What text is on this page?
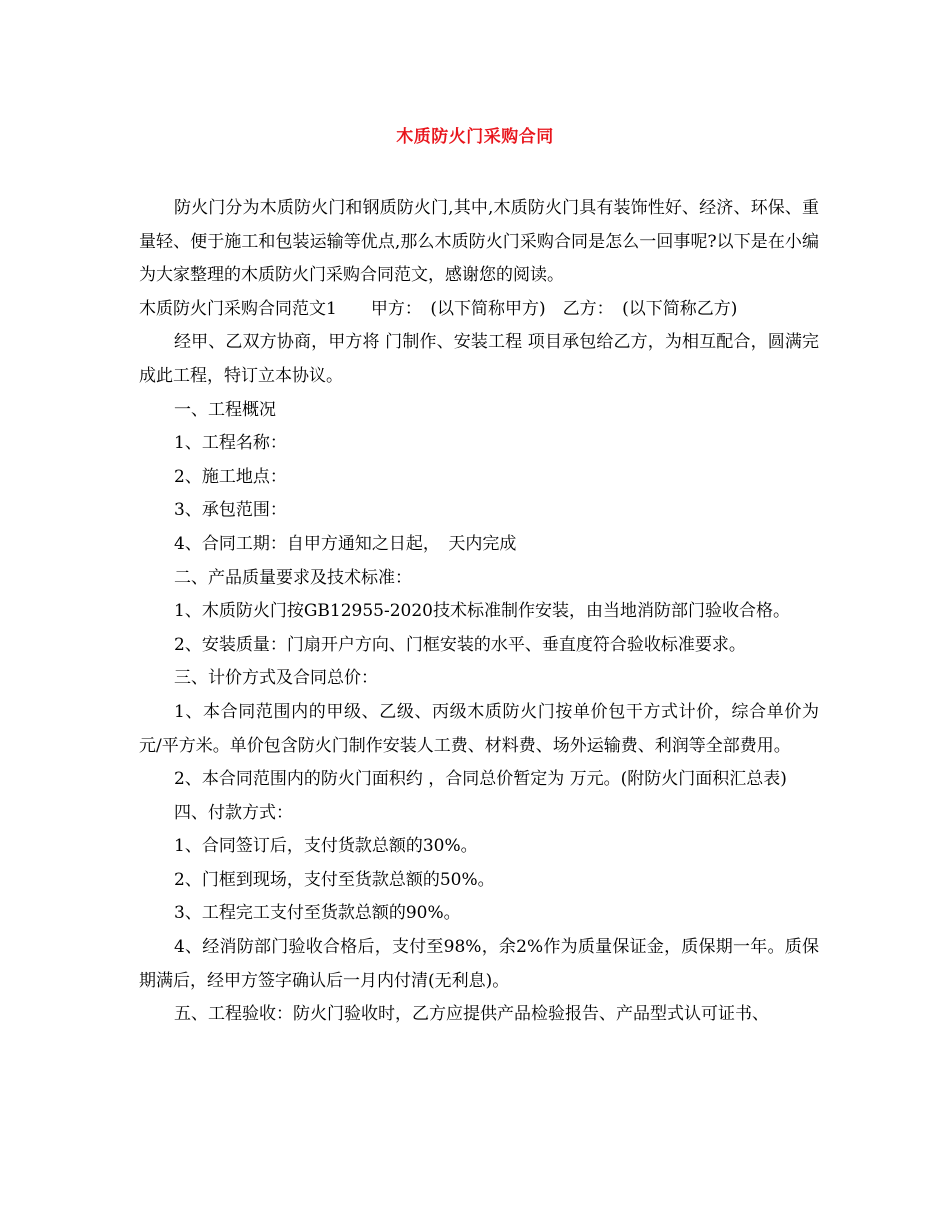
木质防火门采购合同

防火门分为木质防火门和钢质防火门,其中,木质防火门具有装饰性好、经济、环保、重量轻、便于施工和包装运输等优点,那么木质防火门采购合同是怎么一回事呢?以下是在小编为大家整理的木质防火门采购合同范文，感谢您的阅读。

木质防火门采购合同范文1　　甲方：　(以下简称甲方)　乙方：　(以下简称乙方)

经甲、乙双方协商，甲方将 门制作、安装工程 项目承包给乙方，为相互配合，圆满完成此工程，特订立本协议。

一、工程概况

1、工程名称：

2、施工地点：

3、承包范围：

4、合同工期：自甲方通知之日起，　天内完成

二、产品质量要求及技术标准：

1、木质防火门按GB12955-2020技术标准制作安装，由当地消防部门验收合格。

2、安装质量：门扇开户方向、门框安装的水平、垂直度符合验收标准要求。

三、计价方式及合同总价：

1、本合同范围内的甲级、乙级、丙级木质防火门按单价包干方式计价，综合单价为 元/平方米。单价包含防火门制作安装人工费、材料费、场外运输费、利润等全部费用。

2、本合同范围内的防火门面积约 ，合同总价暂定为 万元。(附防火门面积汇总表)

四、付款方式：

1、合同签订后，支付货款总额的30%。

2、门框到现场，支付至货款总额的50%。

3、工程完工支付至货款总额的90%。

4、经消防部门验收合格后，支付至98%，余2%作为质量保证金，质保期一年。质保期满后，经甲方签字确认后一月内付清(无利息)。

五、工程验收：防火门验收时，乙方应提供产品检验报告、产品型式认可证书、
